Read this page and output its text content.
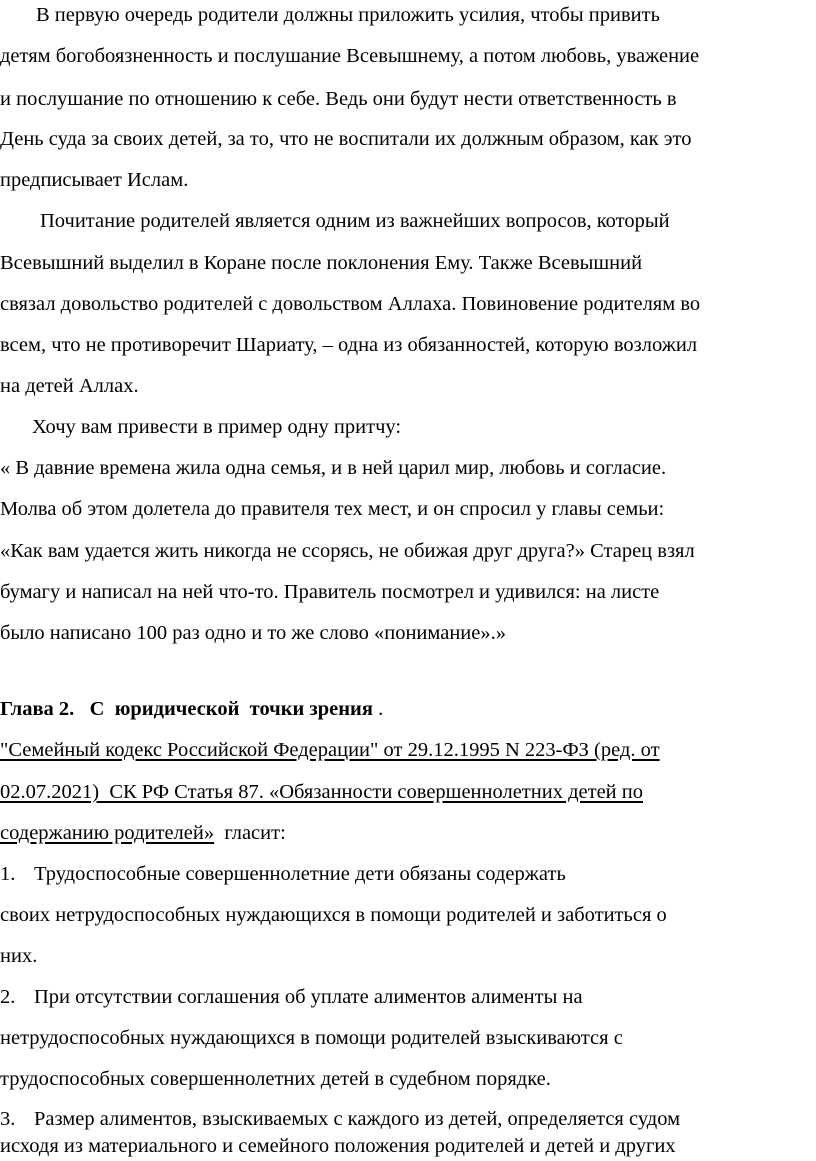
В первую очередь родители должны приложить усилия, чтобы привить
детям богобоязненность и послушание Всевышнему, а потом любовь, уважение
и послушание по отношению к себе. Ведь они будут нести ответственность в
День суда за своих детей, за то, что не воспитали их должным образом, как это
предписывает Ислам.
Почитание родителей является одним из важнейших вопросов, который
Всевышний выделил в Коране после поклонения Ему. Также Всевышний
связал довольство родителей с довольством Аллаха. Повиновение родителям во
всем, что не противоречит Шариату, – одна из обязанностей, которую возложил
на детей Аллах.
Хочу вам привести в пример одну притчу:
« В давние времена жила одна семья, и в ней царил мир, любовь и согласие.
Молва об этом долетела до правителя тех мест, и он спросил у главы семьи:
«Как вам удается жить никогда не ссорясь, не обижая друг друга?» Старец взял
бумагу и написал на ней что-то. Правитель посмотрел и удивился: на листе
было написано 100 раз одно и то же слово «понимание».»
Глава 2.   С  юридической  точки зрения .
"Семейный кодекс Российской Федерации" от 29.12.1995 N 223-ФЗ (ред. от
02.07.2021)  СК РФ Статья 87. «Обязанности совершеннолетних детей по
содержанию родителей»  гласит:
1. Трудоспособные совершеннолетние дети обязаны содержать
своих нетрудоспособных нуждающихся в помощи родителей и заботиться о
них.
2. При отсутствии соглашения об уплате алиментов алименты на
нетрудоспособных нуждающихся в помощи родителей взыскиваются с
трудоспособных совершеннолетних детей в судебном порядке.
3. Размер алиментов, взыскиваемых с каждого из детей, определяется судом
исходя из материального и семейного положения родителей и детей и других
